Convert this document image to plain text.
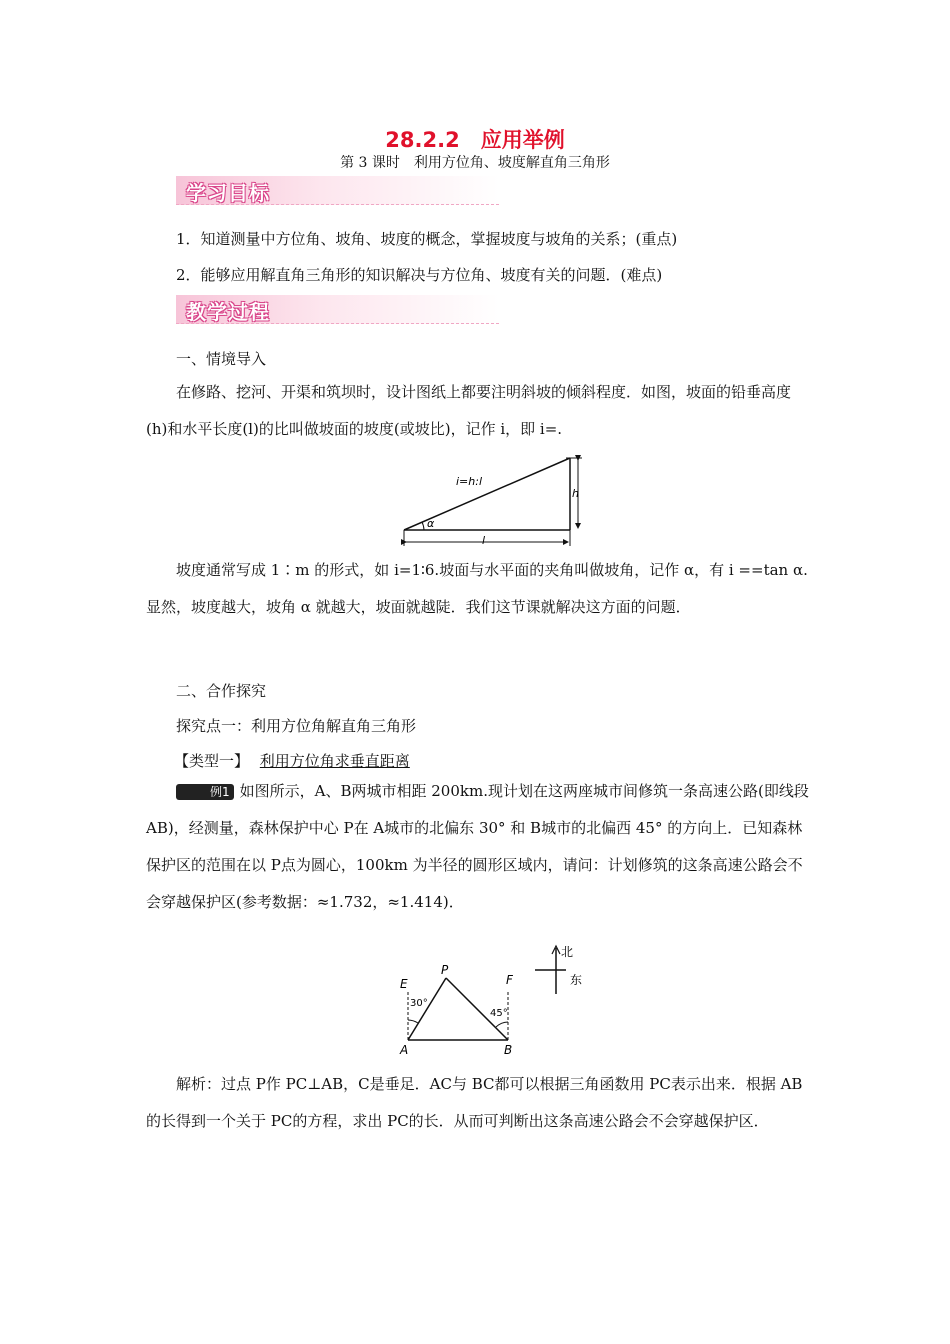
28.2.2　应用举例
第 3 课时　利用方位角、坡度解直角三角形
学习目标
1．知道测量中方位角、坡角、坡度的概念，掌握坡度与坡角的关系；(重点)
2．能够应用解直角三角形的知识解决与方位角、坡度有关的问题．(难点)
教学过程
一、情境导入

在修路、挖河、开渠和筑坝时，设计图纸上都要注明斜坡的倾斜程度．如图，坡面的铅垂高度(h)和水平长度(l)的比叫做坡面的坡度(或坡比)，记作 i，即 i=.

i=h:l
h
l
α

坡度通常写成 1∶m 的形式，如 i=1∶6.坡面与水平面的夹角叫做坡角，记作 α，有 i ==tan α.显然，坡度越大，坡角 α 就越大，坡面就越陡．我们这节课就解决这方面的问题．

二、合作探究
探究点一：利用方位角解直角三角形
【类型一】 利用方位角求垂直距离

例1 如图所示，A、B两城市相距 200km.现计划在这两座城市间修筑一条高速公路(即线段 AB)，经测量，森林保护中心 P在 A城市的北偏东 30° 和 B城市的北偏西 45° 的方向上．已知森林保护区的范围在以 P点为圆心，100km 为半径的圆形区域内，请问：计划修筑的这条高速公路会不会穿越保护区(参考数据：≈1.732，≈1.414)．

A	B
P
E	F
30°
45°
北
东

解析：过点 P作 PC⊥AB，C是垂足．AC与 BC都可以根据三角函数用 PC表示出来．根据 AB的长得到一个关于 PC的方程，求出 PC的长．从而可判断出这条高速公路会不会穿越保护区．
